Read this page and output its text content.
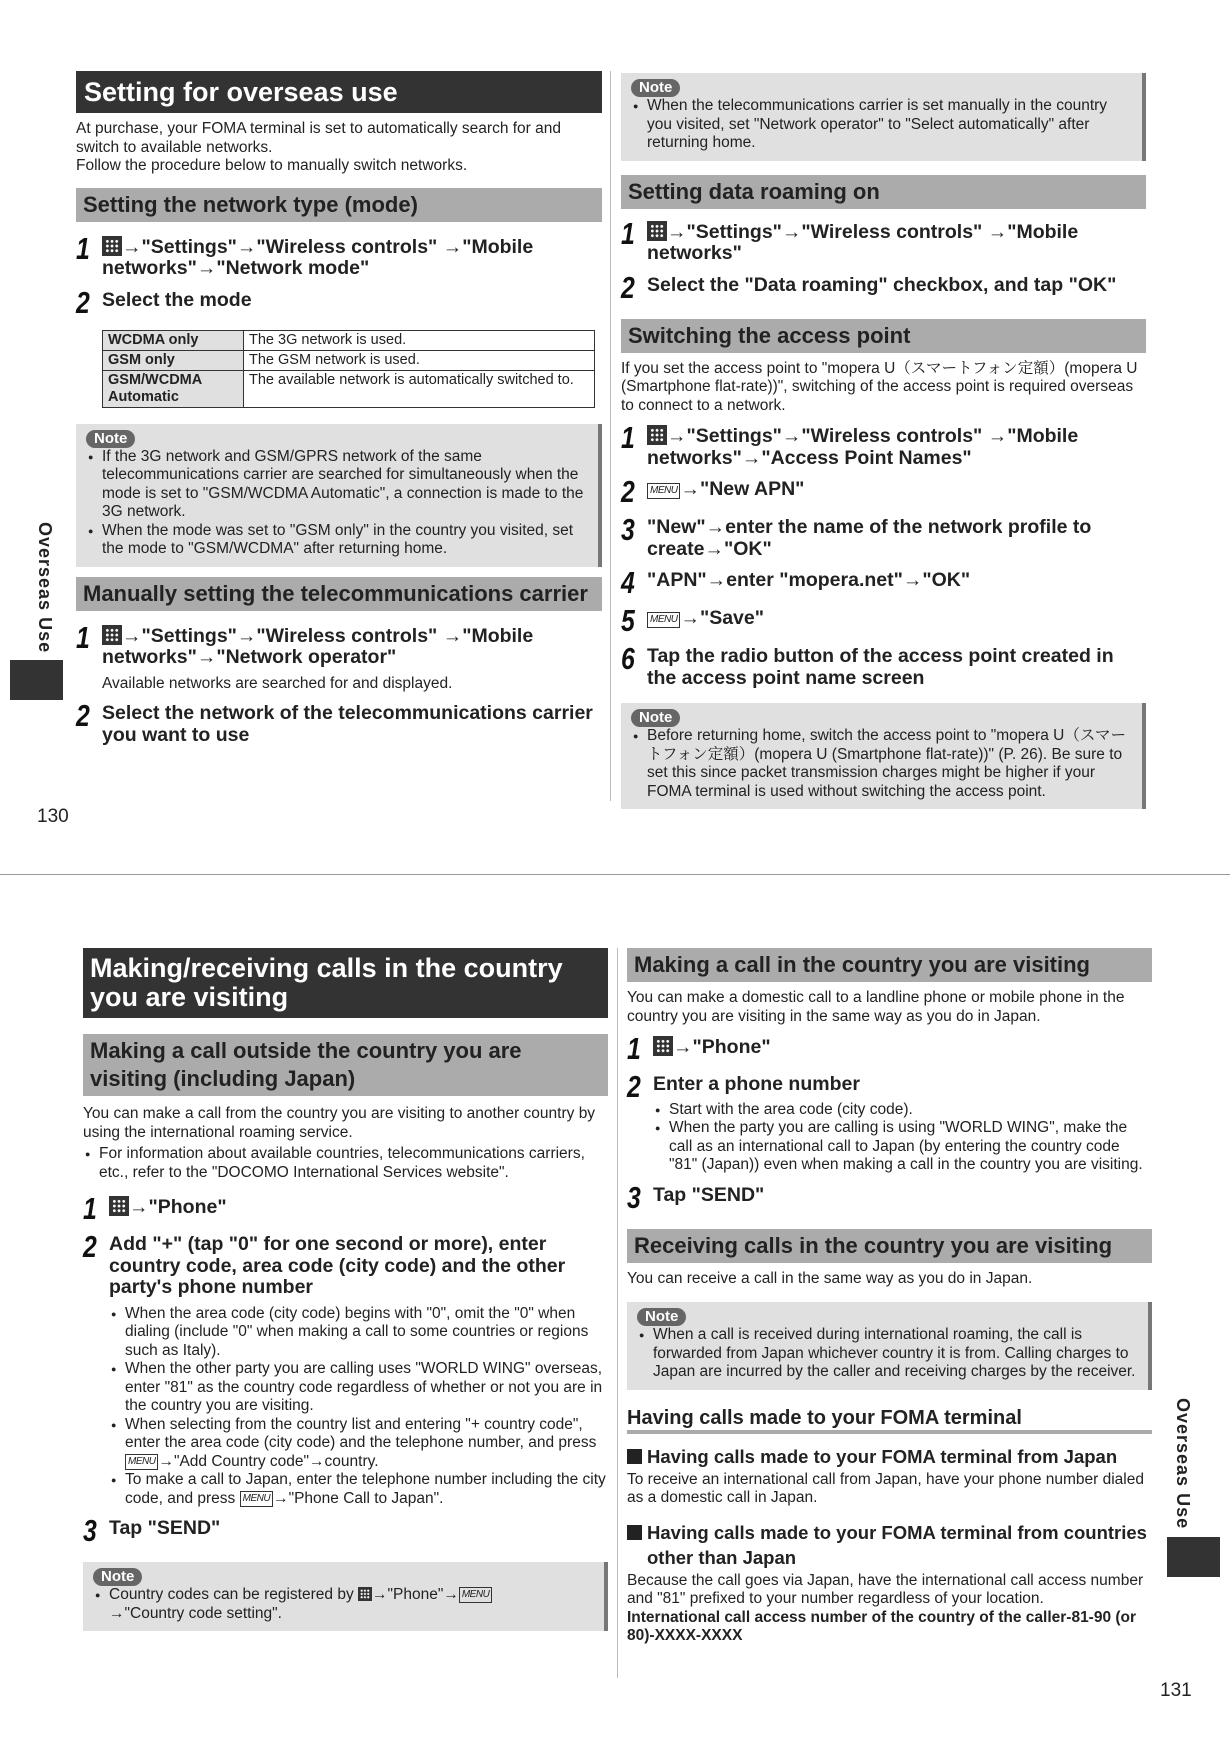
Setting for overseas use
At purchase, your FOMA terminal is set to automatically search for and switch to available networks.
Follow the procedure below to manually switch networks.
Setting the network type (mode)
1	→"Settings"→"Wireless controls" →"Mobile networks"→"Network mode"
2 Select the mode
WCDMA only	The 3G network is used.
GSM only	The GSM network is used.
GSM/WCDMA Automatic	The available network is automatically switched to.
Note
● If the 3G network and GSM/GPRS network of the same telecommunications carrier are searched for simultaneously when the mode is set to "GSM/WCDMA Automatic", a connection is made to the 3G network.
● When the mode was set to "GSM only" in the country you visited, set the mode to "GSM/WCDMA" after returning home.
Manually setting the telecommunications carrier
1	→"Settings"→"Wireless controls" →"Mobile networks"→"Network operator"
Available networks are searched for and displayed.
2 Select the network of the telecommunications carrier you want to use
Note
● When the telecommunications carrier is set manually in the country you visited, set "Network operator" to "Select automatically" after returning home.
Setting data roaming on
1	→"Settings"→"Wireless controls" →"Mobile networks"
2 Select the "Data roaming" checkbox, and tap "OK"
Switching the access point
If you set the access point to "mopera U（スマートフォン定額）(mopera U (Smartphone flat-rate))", switching of the access point is required overseas to connect to a network.
1	→"Settings"→"Wireless controls" →"Mobile networks"→"Access Point Names"
2	MENU →"New APN"
3 "New"→enter the name of the network profile to create→"OK"
4 "APN"→enter "mopera.net"→"OK"
5	MENU →"Save"
6 Tap the radio button of the access point created in the access point name screen
Note
● Before returning home, switch the access point to "mopera U（スマートフォン定額）(mopera U (Smartphone flat-rate))" (P. 26). Be sure to set this since packet transmission charges might be higher if your FOMA terminal is used without switching the access point.
Overseas Use
130
Making/receiving calls in the country you are visiting
Making a call outside the country you are visiting (including Japan)
You can make a call from the country you are visiting to another country by using the international roaming service.
● For information about available countries, telecommunications carriers, etc., refer to the "DOCOMO International Services website".
1	→"Phone"
2 Add "+" (tap "0" for one second or more), enter country code, area code (city code) and the other party's phone number
● When the area code (city code) begins with "0", omit the "0" when dialing (include "0" when making a call to some countries or regions such as Italy).
● When the other party you are calling uses "WORLD WING" overseas, enter "81" as the country code regardless of whether or not you are in the country you are visiting.
● When selecting from the country list and entering "+ country code", enter the area code (city code) and the telephone number, and press MENU →"Add Country code"→country.
● To make a call to Japan, enter the telephone number including the city code, and press MENU →"Phone Call to Japan".
3 Tap "SEND"
Note
● Country codes can be registered by →"Phone"→ MENU
→"Country code setting".
Making a call in the country you are visiting
You can make a domestic call to a landline phone or mobile phone in the country you are visiting in the same way as you do in Japan.
1	→"Phone"
2 Enter a phone number
● Start with the area code (city code).
● When the party you are calling is using "WORLD WING", make the call as an international call to Japan (by entering the country code "81" (Japan)) even when making a call in the country you are visiting.
3 Tap "SEND"
Receiving calls in the country you are visiting
You can receive a call in the same way as you do in Japan.
Note
● When a call is received during international roaming, the call is forwarded from Japan whichever country it is from. Calling charges to Japan are incurred by the caller and receiving charges by the receiver.
Having calls made to your FOMA terminal
Having calls made to your FOMA terminal from Japan
To receive an international call from Japan, have your phone number dialed as a domestic call in Japan.
Having calls made to your FOMA terminal from countries other than Japan
Because the call goes via Japan, have the international call access number and "81" prefixed to your number regardless of your location.
International call access number of the country of the caller-81-90 (or 80)-XXXX-XXXX
Overseas Use
131
